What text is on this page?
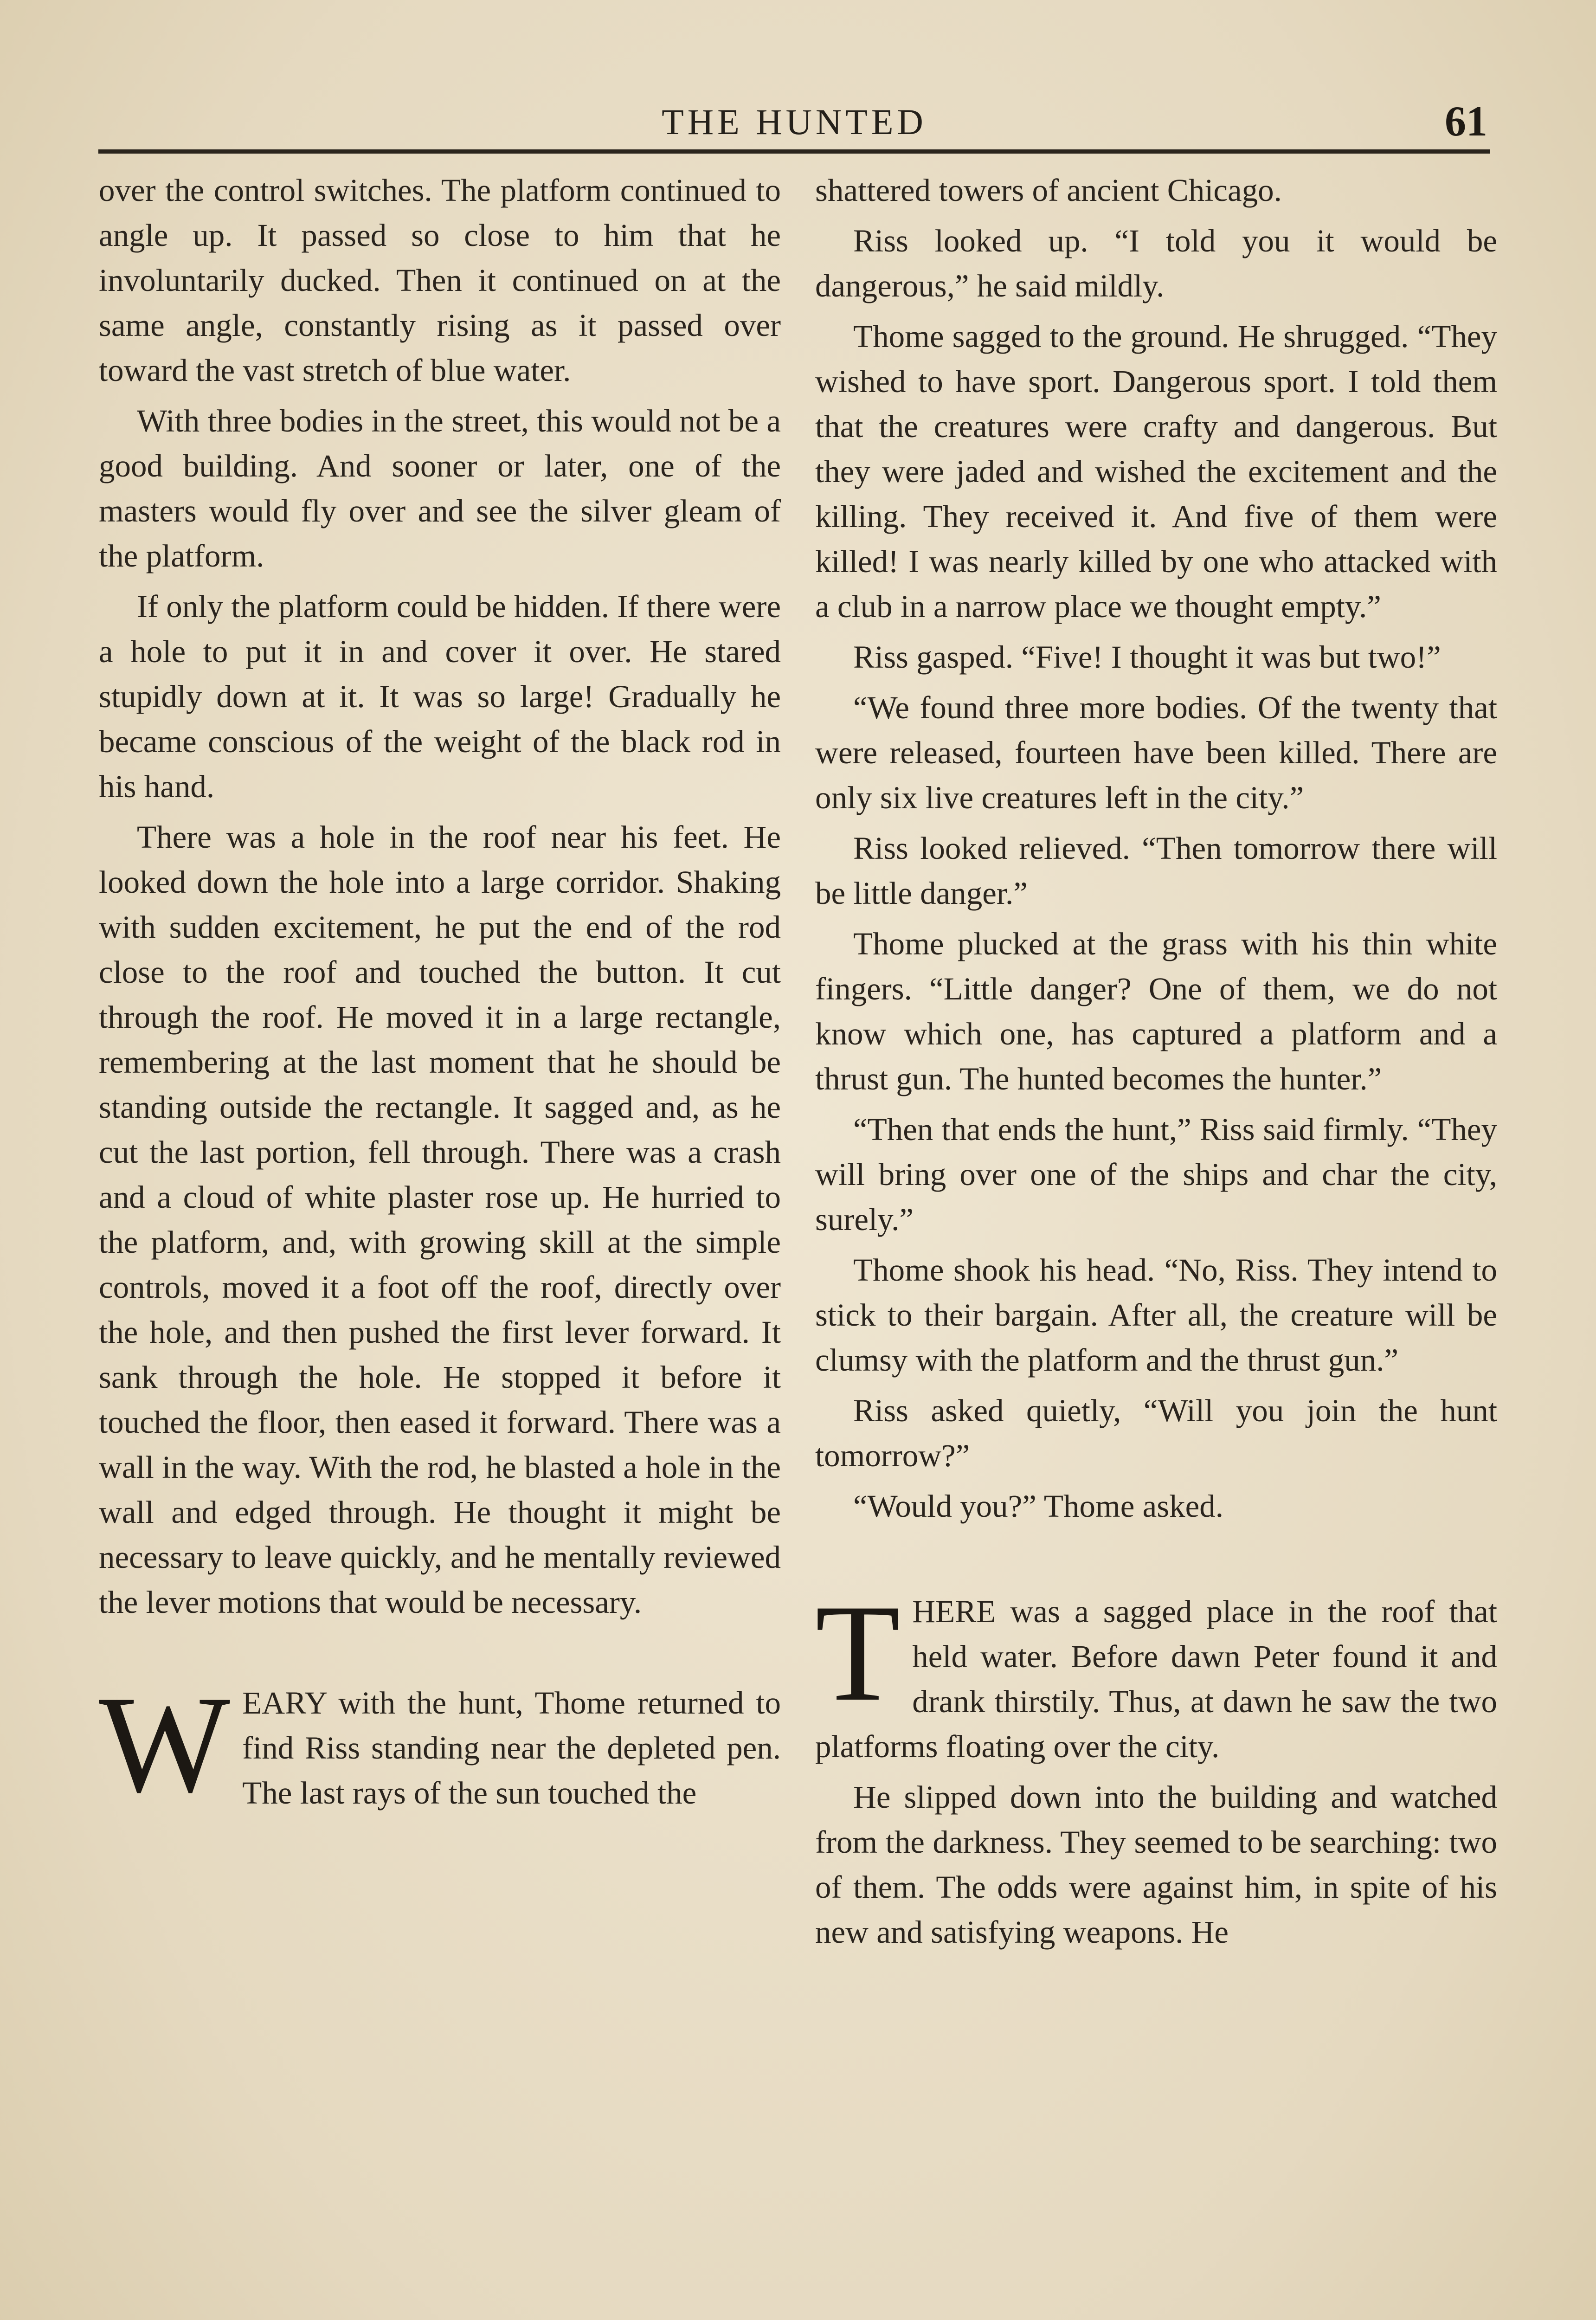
THE HUNTED	61

over the control switches. The platform continued to angle up. It passed so close to him that he involuntarily ducked. Then it continued on at the same angle, constantly rising as it passed over toward the vast stretch of blue water.

With three bodies in the street, this would not be a good building. And sooner or later, one of the masters would fly over and see the silver gleam of the platform.

If only the platform could be hidden. If there were a hole to put it in and cover it over. He stared stupidly down at it. It was so large! Gradually he became conscious of the weight of the black rod in his hand.

There was a hole in the roof near his feet. He looked down the hole into a large corridor. Shaking with sudden excitement, he put the end of the rod close to the roof and touched the button. It cut through the roof. He moved it in a large rectangle, remembering at the last moment that he should be standing outside the rectangle. It sagged and, as he cut the last portion, fell through. There was a crash and a cloud of white plaster rose up. He hurried to the platform, and, with growing skill at the simple controls, moved it a foot off the roof, directly over the hole, and then pushed the first lever forward. It sank through the hole. He stopped it before it touched the floor, then eased it forward. There was a wall in the way. With the rod, he blasted a hole in the wall and edged through. He thought it might be necessary to leave quickly, and he mentally reviewed the lever motions that would be necessary.

WEARY with the hunt, Thome returned to find Riss standing near the depleted pen. The last rays of the sun touched the

shattered towers of ancient Chicago.

Riss looked up. “I told you it would be dangerous,” he said mildly.

Thome sagged to the ground. He shrugged. “They wished to have sport. Dangerous sport. I told them that the creatures were crafty and dangerous. But they were jaded and wished the excitement and the killing. They received it. And five of them were killed! I was nearly killed by one who attacked with a club in a narrow place we thought empty.”

Riss gasped. “Five! I thought it was but two!”

“We found three more bodies. Of the twenty that were released, fourteen have been killed. There are only six live creatures left in the city.”

Riss looked relieved. “Then tomorrow there will be little danger.”

Thome plucked at the grass with his thin white fingers. “Little danger? One of them, we do not know which one, has captured a platform and a thrust gun. The hunted becomes the hunter.”

“Then that ends the hunt,” Riss said firmly. “They will bring over one of the ships and char the city, surely.”

Thome shook his head. “No, Riss. They intend to stick to their bargain. After all, the creature will be clumsy with the platform and the thrust gun.”

Riss asked quietly, “Will you join the hunt tomorrow?”

“Would you?” Thome asked.

THERE was a sagged place in the roof that held water. Before dawn Peter found it and drank thirstily. Thus, at dawn he saw the two platforms floating over the city.

He slipped down into the building and watched from the darkness. They seemed to be searching: two of them. The odds were against him, in spite of his new and satisfying weapons. He
